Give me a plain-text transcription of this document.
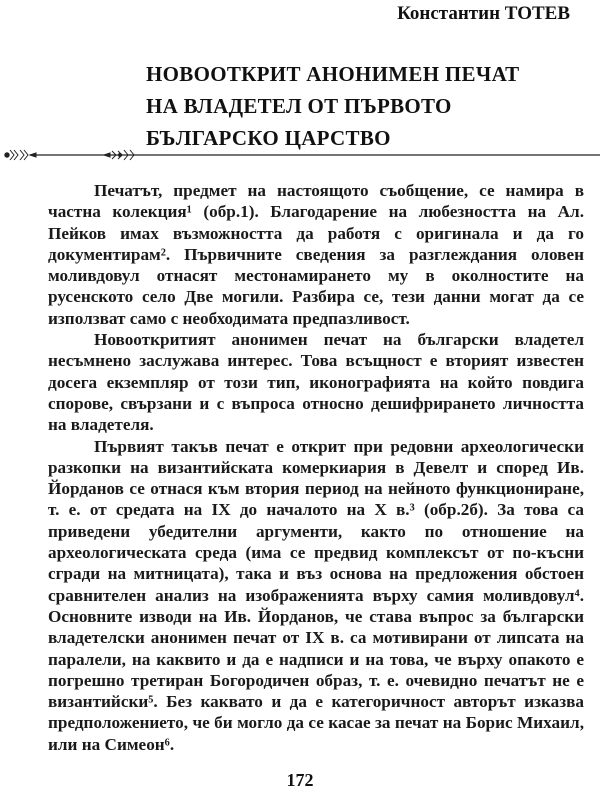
Константин ТОТЕВ
НОВООТКРИТ АНОНИМЕН ПЕЧАТ
НА ВЛАДЕТЕЛ ОТ ПЪРВОТО
БЪЛГАРСКО ЦАРСТВО

Печатът, предмет на настоящото съобщение, се намира в частна колекция¹ (обр.1). Благодарение на любезността на Ал. Пейков имах възможността да работя с оригинала и да го документирам². Първичните сведения за разглеждания оловен моливдовул отнасят местонамирането му в околностите на русенското село Две могили. Разбира се, тези данни могат да се използват само с необходимата предпазливост.

Новооткритият анонимен печат на български владетел несъмнено заслужава интерес. Това всъщност е вторият известен досега екземпляр от този тип, иконографията на който повдига спорове, свързани и с въпроса относно дешифрирането личността на владетеля.

Първият такъв печат е открит при редовни археологически разкопки на византийската комеркиария в Девелт и според Ив. Йорданов се отнася към втория период на нейното функциониране, т. е. от средата на IX до началото на X в.³ (обр.2б). За това са приведени убедителни аргументи, както по отношение на археологическата среда (има се предвид комплексът от по-късни сгради на митницата), така и въз основа на предложения обстоен сравнителен анализ на изображенията върху самия моливдовул⁴. Основните изводи на Ив. Йорданов, че става въпрос за български владетелски анонимен печат от IX в. са мотивирани от липсата на паралели, на каквито и да е надписи и на това, че върху опакото е погрешно третиран Богородичен образ, т. е. очевидно печатът не е византийски⁵. Без каквато и да е категоричност авторът изказва предположението, че би могло да се касае за печат на Борис Михаил, или на Симеон⁶.

172
